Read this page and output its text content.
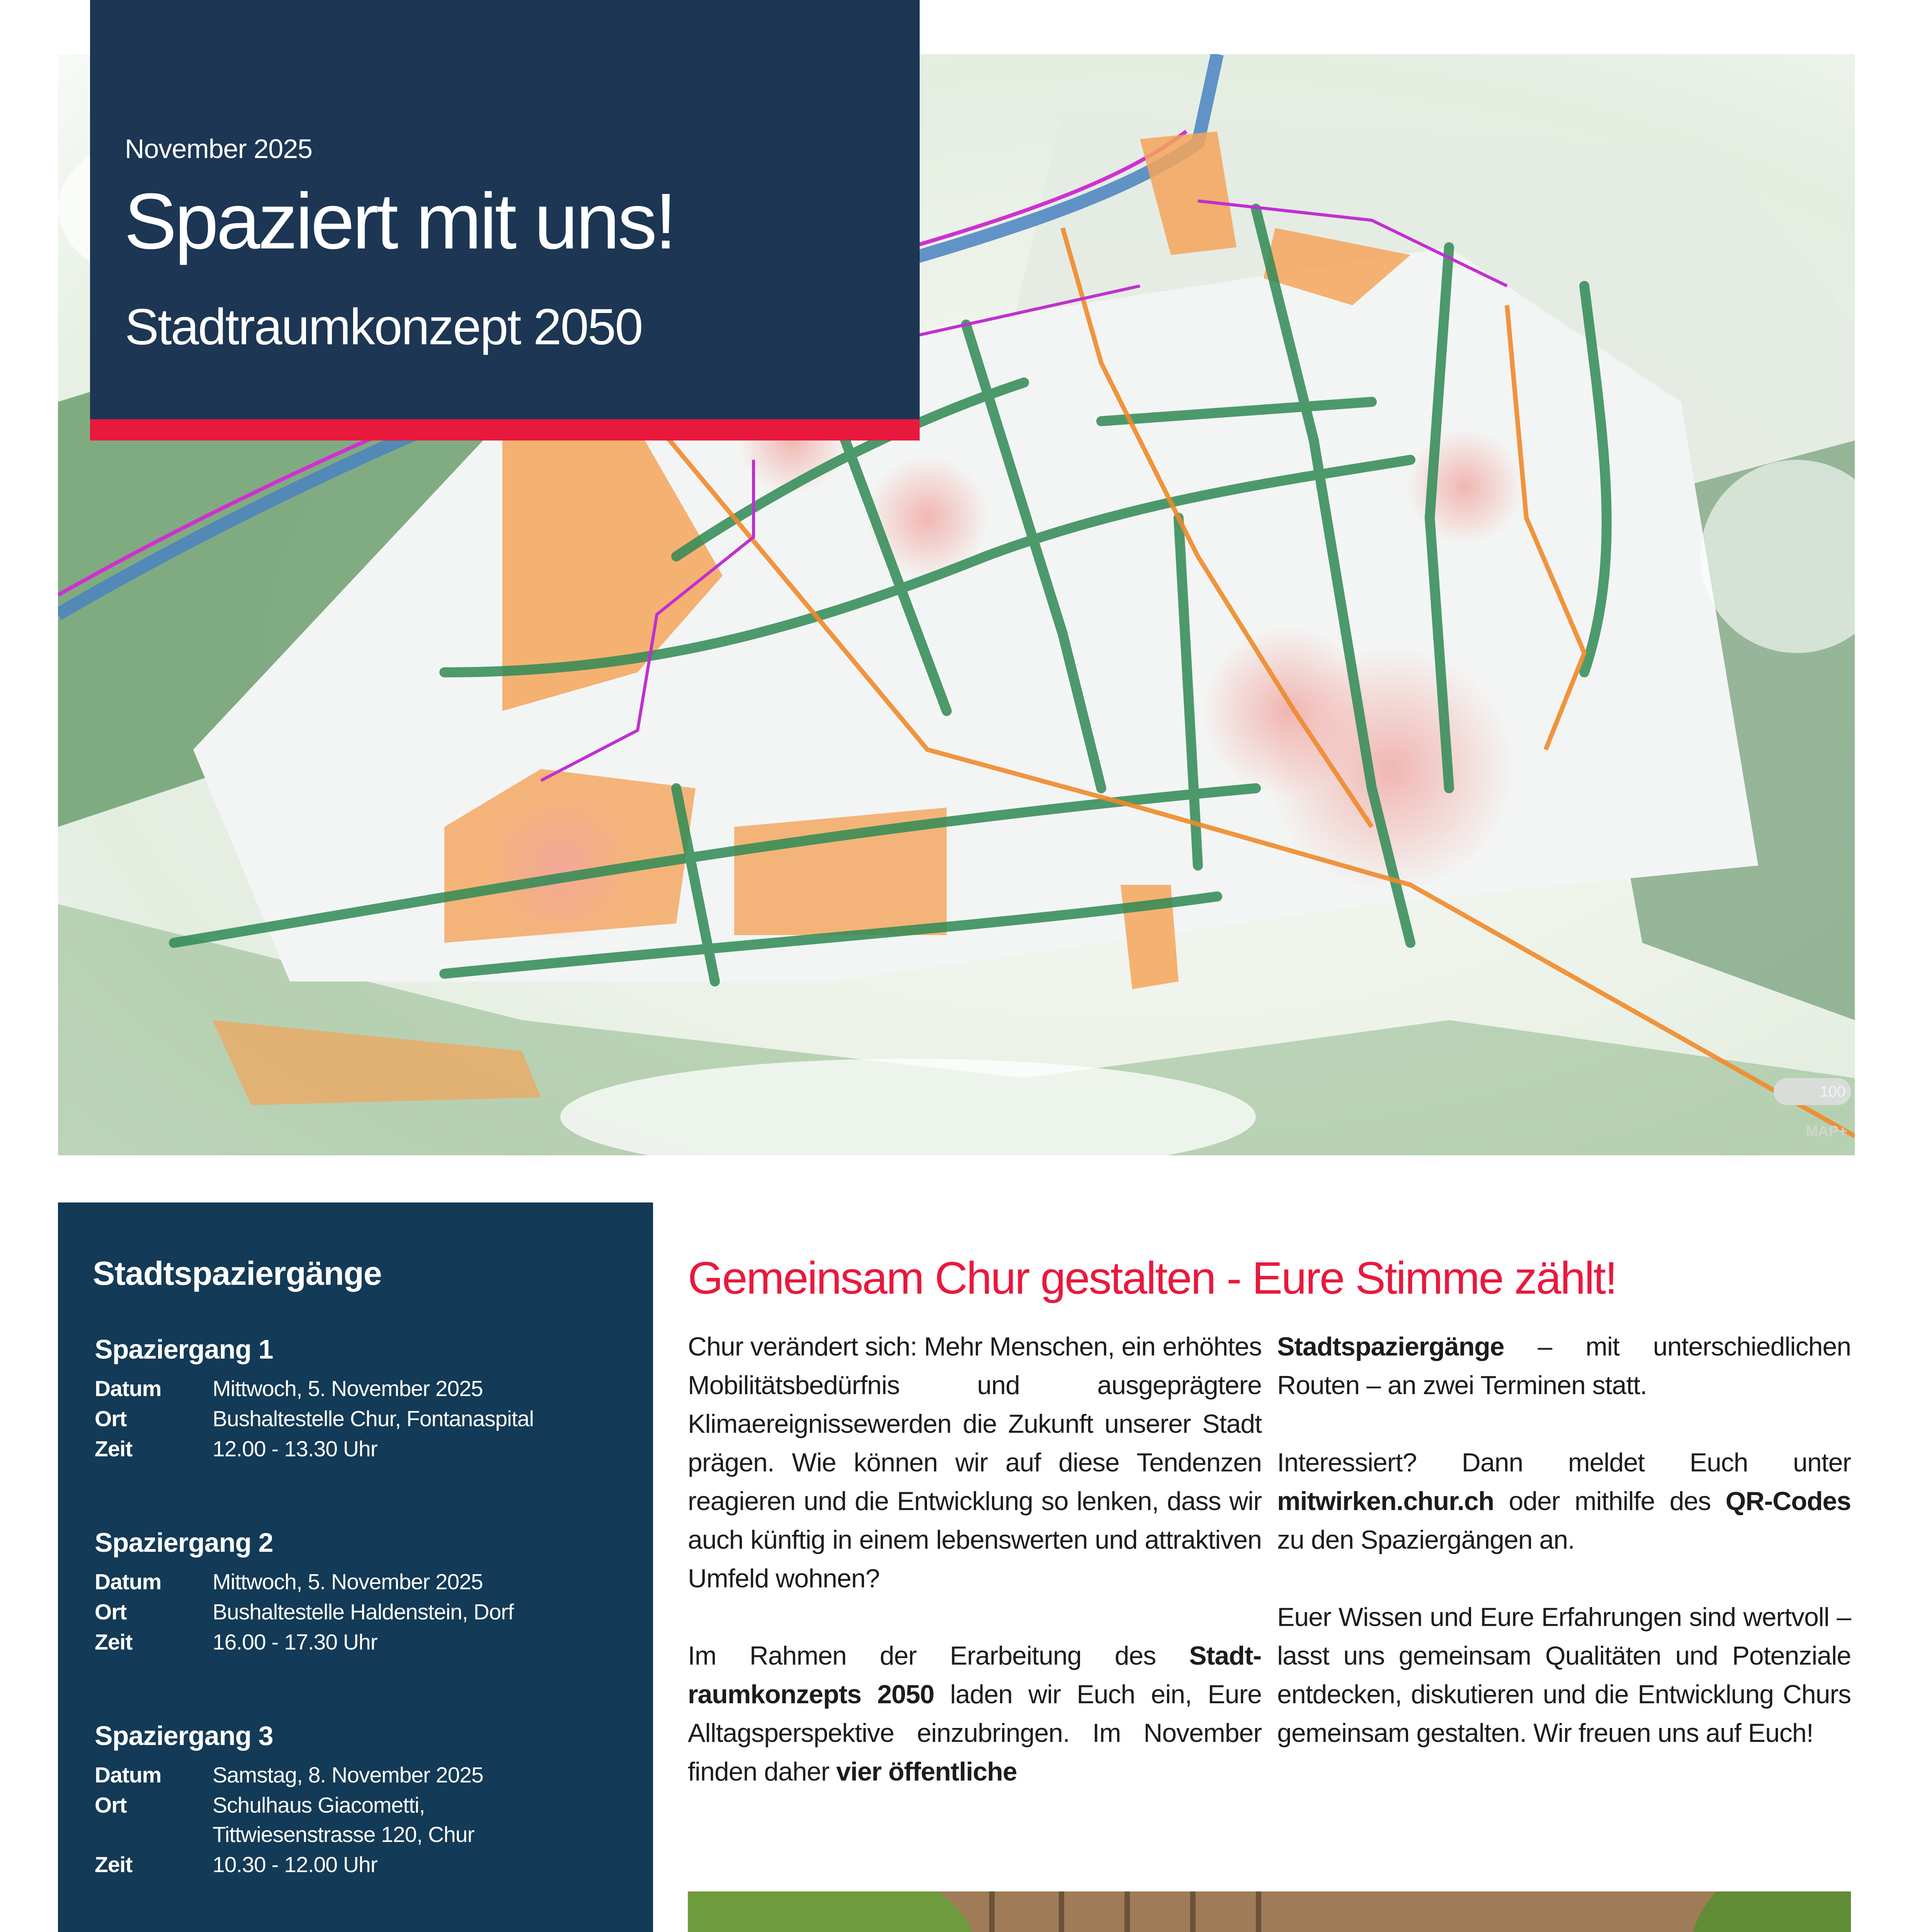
100
MAP+
November 2025
Spaziert mit uns!
Stadtraumkonzept 2050
Stadtspaziergänge
Spaziergang 1
Datum	Mittwoch, 5. November 2025
Ort	Bushaltestelle Chur, Fontanaspital
Zeit	12.00 - 13.30 Uhr
Spaziergang 2
Datum	Mittwoch, 5. November 2025
Ort	Bushaltestelle Haldenstein, Dorf
Zeit	16.00 - 17.30 Uhr
Spaziergang 3
Datum	Samstag, 8. November 2025
Ort	Schulhaus Giacometti,
Tittwiesenstrasse 120, Chur
Zeit	10.30 - 12.00 Uhr

Gemeinsam Chur gestalten - Eure Stimme zählt!

Chur verändert sich: Mehr Menschen, ein erhöhtes Mobilitätsbedürfnis und ausgeprägtere Klimaereignissewerden die Zukunft unserer Stadt prägen. Wie können wir auf diese Tendenzen reagieren und die Entwicklung so lenken, dass wir auch künftig in einem lebenswerten und attraktiven Umfeld wohnen?

Im Rahmen der Erarbeitung des Stadtraumkonzepts 2050 laden wir Euch ein, Eure Alltagsperspektive einzubringen. Im November finden daher vier öffentliche

Stadtspaziergänge – mit unterschiedlichen Routen – an zwei Terminen statt.

Interessiert? Dann meldet Euch unter mitwirken.chur.ch oder mithilfe des QR-Codes zu den Spaziergängen an.

Euer Wissen und Eure Erfahrungen sind wertvoll – lasst uns gemeinsam Qualitäten und Potenziale entdecken, diskutieren und die Entwicklung Churs gemeinsam gestalten. Wir freuen uns auf Euch!
